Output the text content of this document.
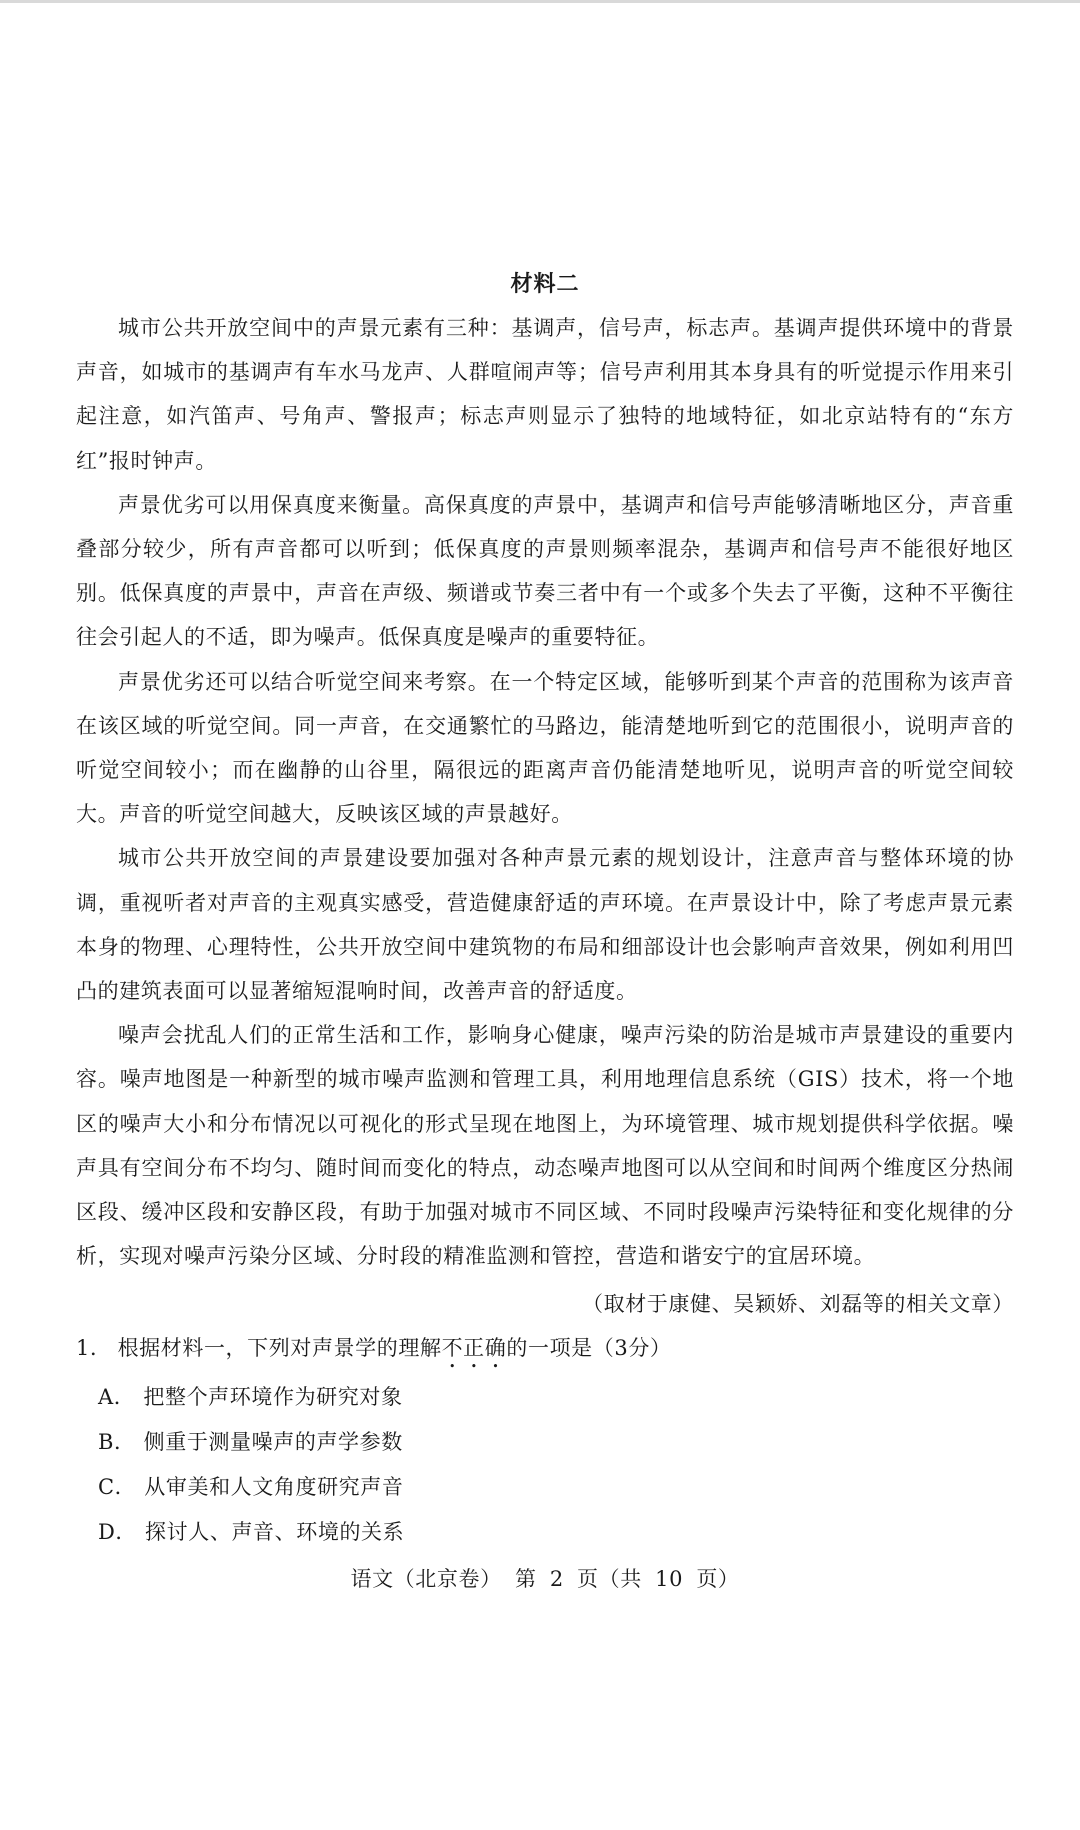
材料二

城市公共开放空间中的声景元素有三种：基调声，信号声，标志声。基调声提供环境中的背景声音，如城市的基调声有车水马龙声、人群喧闹声等；信号声利用其本身具有的听觉提示作用来引起注意，如汽笛声、号角声、警报声；标志声则显示了独特的地域特征，如北京站特有的“东方红”报时钟声。

声景优劣可以用保真度来衡量。高保真度的声景中，基调声和信号声能够清晰地区分，声音重叠部分较少，所有声音都可以听到；低保真度的声景则频率混杂，基调声和信号声不能很好地区别。低保真度的声景中，声音在声级、频谱或节奏三者中有一个或多个失去了平衡，这种不平衡往往会引起人的不适，即为噪声。低保真度是噪声的重要特征。

声景优劣还可以结合听觉空间来考察。在一个特定区域，能够听到某个声音的范围称为该声音在该区域的听觉空间。同一声音，在交通繁忙的马路边，能清楚地听到它的范围很小，说明声音的听觉空间较小；而在幽静的山谷里，隔很远的距离声音仍能清楚地听见，说明声音的听觉空间较大。声音的听觉空间越大，反映该区域的声景越好。

城市公共开放空间的声景建设要加强对各种声景元素的规划设计，注意声音与整体环境的协调，重视听者对声音的主观真实感受，营造健康舒适的声环境。在声景设计中，除了考虑声景元素本身的物理、心理特性，公共开放空间中建筑物的布局和细部设计也会影响声音效果，例如利用凹凸的建筑表面可以显著缩短混响时间，改善声音的舒适度。

噪声会扰乱人们的正常生活和工作，影响身心健康，噪声污染的防治是城市声景建设的重要内容。噪声地图是一种新型的城市噪声监测和管理工具，利用地理信息系统（GIS）技术，将一个地区的噪声大小和分布情况以可视化的形式呈现在地图上，为环境管理、城市规划提供科学依据。噪声具有空间分布不均匀、随时间而变化的特点，动态噪声地图可以从空间和时间两个维度区分热闹区段、缓冲区段和安静区段，有助于加强对城市不同区域、不同时段噪声污染特征和变化规律的分析，实现对噪声污染分区域、分时段的精准监测和管控，营造和谐安宁的宜居环境。

（取材于康健、吴颖娇、刘磊等的相关文章）

1． 根据材料一，下列对声景学的理解不正确的一项是（3分）

A． 把整个声环境作为研究对象
B． 侧重于测量噪声的声学参数
C． 从审美和人文角度研究声音
D． 探讨人、声音、环境的关系
语文（北京卷） 第 2 页（共 10 页）
